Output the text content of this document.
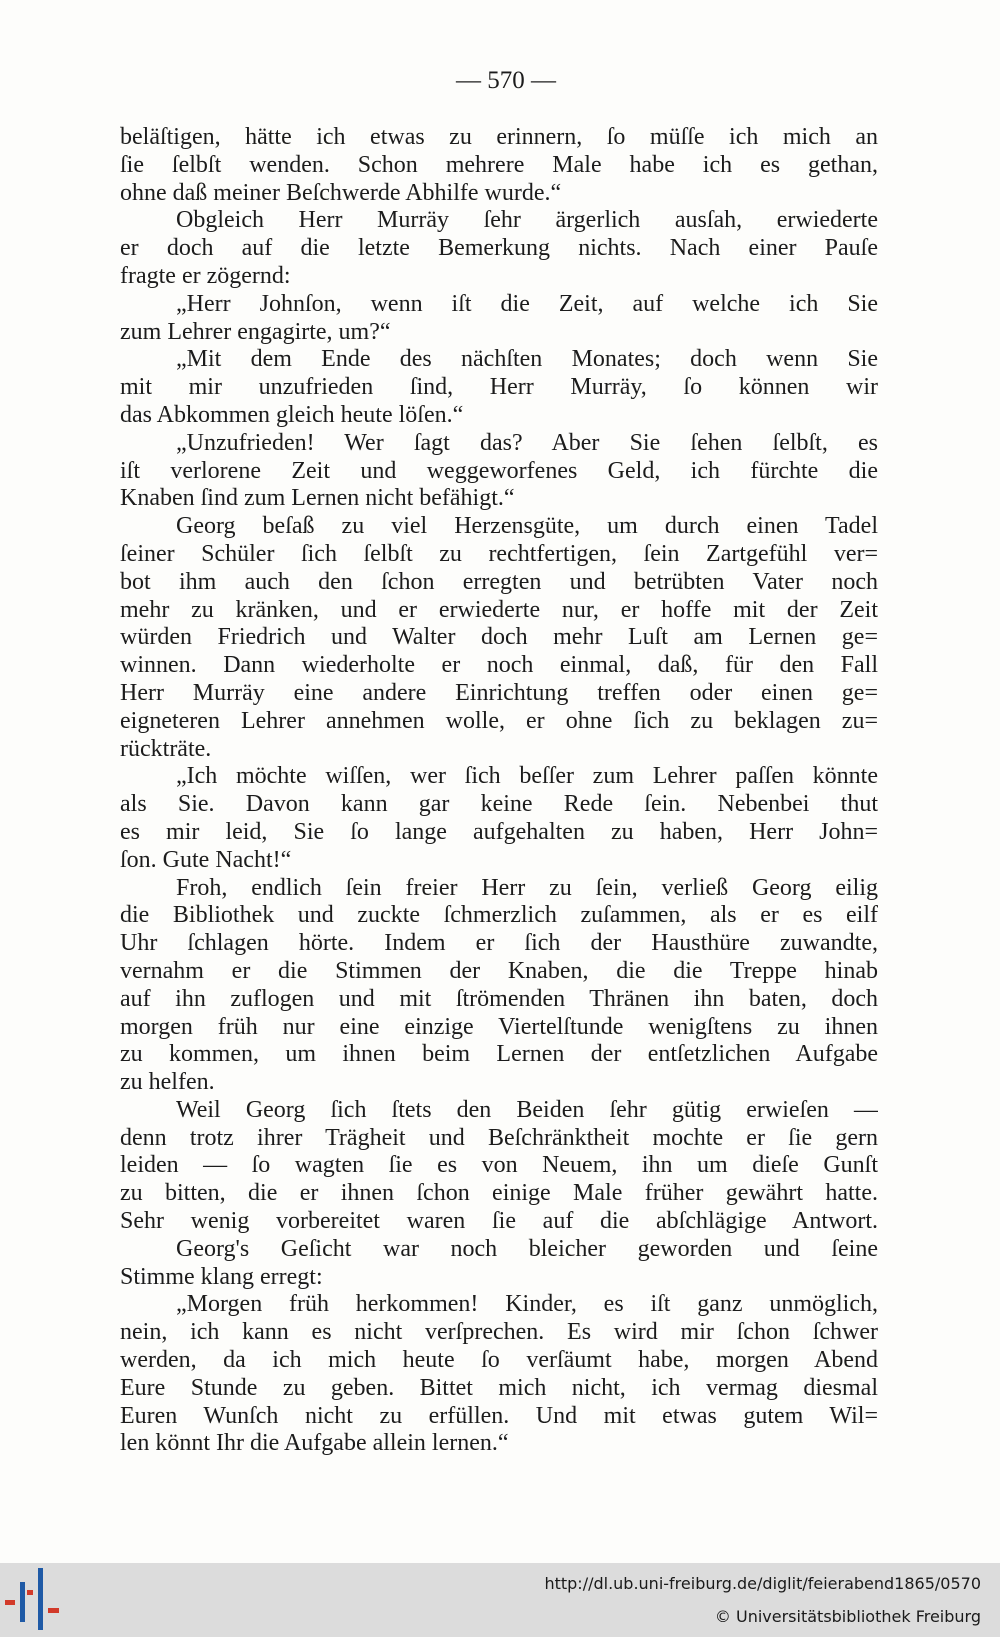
— 570 —
beläſtigen, hätte ich etwas zu erinnern, ſo müſſe ich mich an
ſie ſelbſt wenden. Schon mehrere Male habe ich es gethan,
ohne daß meiner Beſchwerde Abhilfe wurde.“
Obgleich Herr Murräy ſehr ärgerlich ausſah, erwiederte
er doch auf die letzte Bemerkung nichts. Nach einer Pauſe
fragte er zögernd:
„Herr Johnſon, wenn iſt die Zeit, auf welche ich Sie
zum Lehrer engagirte, um?“
„Mit dem Ende des nächſten Monates; doch wenn Sie
mit mir unzufrieden ſind, Herr Murräy, ſo können wir
das Abkommen gleich heute löſen.“
„Unzufrieden! Wer ſagt das? Aber Sie ſehen ſelbſt, es
iſt verlorene Zeit und weggeworfenes Geld, ich fürchte die
Knaben ſind zum Lernen nicht befähigt.“
Georg beſaß zu viel Herzensgüte, um durch einen Tadel
ſeiner Schüler ſich ſelbſt zu rechtfertigen, ſein Zartgefühl ver=
bot ihm auch den ſchon erregten und betrübten Vater noch
mehr zu kränken, und er erwiederte nur, er hoffe mit der Zeit
würden Friedrich und Walter doch mehr Luſt am Lernen ge=
winnen. Dann wiederholte er noch einmal, daß, für den Fall
Herr Murräy eine andere Einrichtung treffen oder einen ge=
eigneteren Lehrer annehmen wolle, er ohne ſich zu beklagen zu=
rückträte.
„Ich möchte wiſſen, wer ſich beſſer zum Lehrer paſſen könnte
als Sie. Davon kann gar keine Rede ſein. Nebenbei thut
es mir leid, Sie ſo lange aufgehalten zu haben, Herr John=
ſon. Gute Nacht!“
Froh, endlich ſein freier Herr zu ſein, verließ Georg eilig
die Bibliothek und zuckte ſchmerzlich zuſammen, als er es eilf
Uhr ſchlagen hörte. Indem er ſich der Hausthüre zuwandte,
vernahm er die Stimmen der Knaben, die die Treppe hinab
auf ihn zuflogen und mit ſtrömenden Thränen ihn baten, doch
morgen früh nur eine einzige Viertelſtunde wenigſtens zu ihnen
zu kommen, um ihnen beim Lernen der entſetzlichen Aufgabe
zu helfen.
Weil Georg ſich ſtets den Beiden ſehr gütig erwieſen —
denn trotz ihrer Trägheit und Beſchränktheit mochte er ſie gern
leiden — ſo wagten ſie es von Neuem, ihn um dieſe Gunſt
zu bitten, die er ihnen ſchon einige Male früher gewährt hatte.
Sehr wenig vorbereitet waren ſie auf die abſchlägige Antwort.
Georg's Geſicht war noch bleicher geworden und ſeine
Stimme klang erregt:
„Morgen früh herkommen! Kinder, es iſt ganz unmöglich,
nein, ich kann es nicht verſprechen. Es wird mir ſchon ſchwer
werden, da ich mich heute ſo verſäumt habe, morgen Abend
Eure Stunde zu geben. Bittet mich nicht, ich vermag diesmal
Euren Wunſch nicht zu erfüllen. Und mit etwas gutem Wil=
len könnt Ihr die Aufgabe allein lernen.“
http://dl.ub.uni-freiburg.de/diglit/feierabend1865/0570
© Universitätsbibliothek Freiburg
